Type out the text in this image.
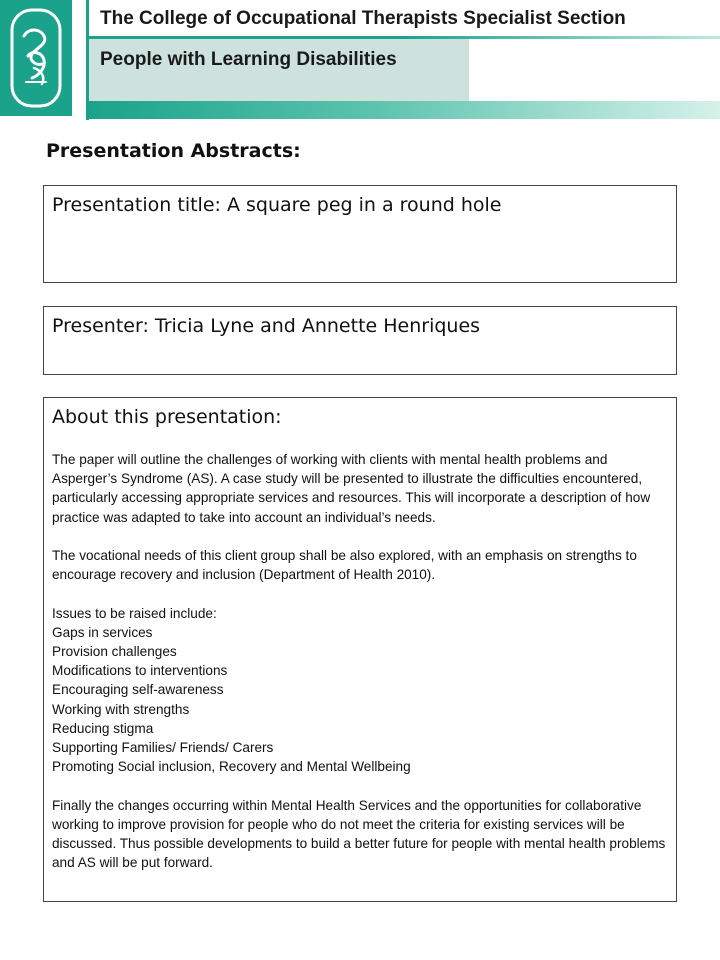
The College of Occupational Therapists Specialist Section
People with Learning Disabilities
Presentation Abstracts:
Presentation title: A square peg in a round hole
Presenter: Tricia Lyne and Annette Henriques
About this presentation:

The paper will outline the challenges of working with clients with mental health problems and Asperger’s Syndrome (AS). A case study will be presented to illustrate the difficulties encountered, particularly accessing appropriate services and resources. This will incorporate a description of how practice was adapted to take into account an individual’s needs.

The vocational needs of this client group shall be also explored, with an emphasis on strengths to encourage recovery and inclusion (Department of Health 2010).

Issues to be raised include:
Gaps in services
Provision challenges
Modifications to interventions
Encouraging self-awareness
Working with strengths
Reducing stigma
Supporting Families/ Friends/ Carers
Promoting Social inclusion, Recovery and Mental Wellbeing

Finally the changes occurring within Mental Health Services and the opportunities for collaborative working to improve provision for people who do not meet the criteria for existing services will be discussed. Thus possible developments to build a better future for people with mental health problems and AS will be put forward.
